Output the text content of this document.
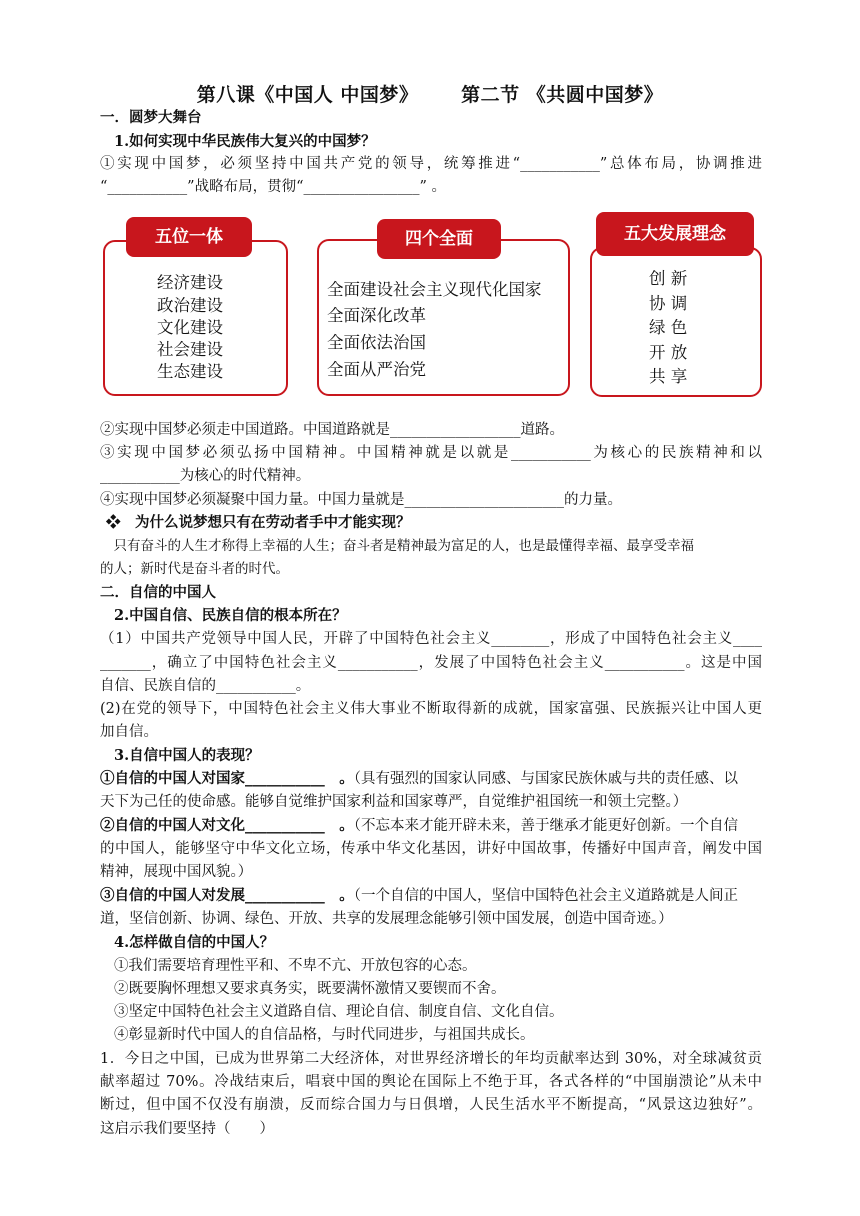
第八课《中国人 中国梦》      第二节 《共圆中国梦》
一．圆梦大舞台
1.如何实现中华民族伟大复兴的中国梦？
①实现中国梦，必须坚持中国共产党的领导，统筹推进“___________”总体布局，协调推进
“___________”战略布局，贯彻“________________” 。
五位一体
经济建设
政治建设
文化建设
社会建设
生态建设
四个全面
全面建设社会主义现代化国家
全面深化改革
全面依法治国
全面从严治党
五大发展理念
创 新
协 调
绿 色
开 放
共 享
②实现中国梦必须走中国道路。中国道路就是__________________道路。
③实现中国梦必须弘扬中国精神。中国精神就是以就是___________为核心的民族精神和以
___________为核心的时代精神。
④实现中国梦必须凝聚中国力量。中国力量就是______________________的力量。
❖　为什么说梦想只有在劳动者手中才能实现？
　只有奋斗的人生才称得上幸福的人生；奋斗者是精神最为富足的人，也是最懂得幸福、最享受幸福
的人；新时代是奋斗者的时代。
二．自信的中国人
2.中国自信、民族自信的根本所在？
（1）中国共产党领导中国人民，开辟了中国特色社会主义________，形成了中国特色社会主义____
_______，确立了中国特色社会主义___________，发展了中国特色社会主义___________。这是中国
自信、民族自信的___________。
(2)在党的领导下，中国特色社会主义伟大事业不断取得新的成就，国家富强、民族振兴让中国人更
加自信。
3.自信中国人的表现？
①自信的中国人对国家___________　。（具有强烈的国家认同感、与国家民族休戚与共的责任感、以
天下为己任的使命感。能够自觉维护国家利益和国家尊严，自觉维护祖国统一和领土完整。）
②自信的中国人对文化___________　。（不忘本来才能开辟未来，善于继承才能更好创新。一个自信
的中国人，能够坚守中华文化立场，传承中华文化基因，讲好中国故事，传播好中国声音，阐发中国
精神，展现中国风貌。）
③自信的中国人对发展___________　。（一个自信的中国人，坚信中国特色社会主义道路就是人间正
道，坚信创新、协调、绿色、开放、共享的发展理念能够引领中国发展，创造中国奇迹。）
4.怎样做自信的中国人？
①我们需要培育理性平和、不卑不亢、开放包容的心态。
②既要胸怀理想又要求真务实，既要满怀激情又要锲而不舍。
③坚定中国特色社会主义道路自信、理论自信、制度自信、文化自信。
④彰显新时代中国人的自信品格，与时代同进步，与祖国共成长。
1．今日之中国，已成为世界第二大经济体，对世界经济增长的年均贡献率达到 30%，对全球减贫贡
献率超过 70%。冷战结束后，唱衰中国的舆论在国际上不绝于耳，各式各样的“中国崩溃论”从未中
断过，但中国不仅没有崩溃，反而综合国力与日俱增，人民生活水平不断提高，“风景这边独好”。
这启示我们要坚持（　　）
